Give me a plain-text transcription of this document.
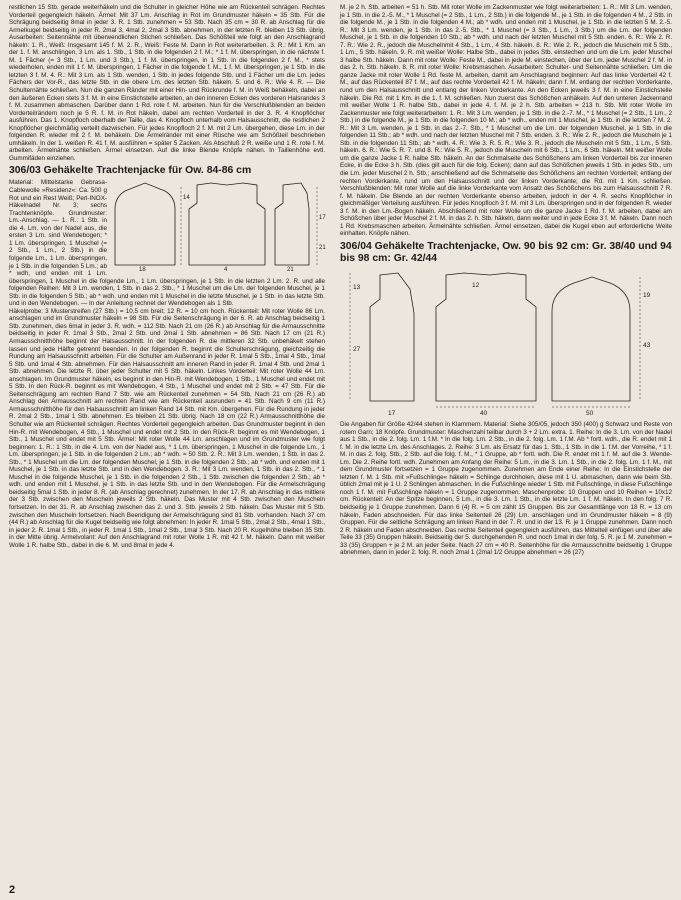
restlichen 15 Stb. gerade weiterhäkeln und die Schulter in gleicher Höhe wie am Rückenteil schrägen. Rechtes Vorderteil gegengleich häkeln. Ärmel: Mit 37 Lm. Anschlag in Rot im Grundmuster häkeln = 35 Stb. Für die Schrägung beidseitig 8mal in jeder 3. R. 1 Stb. zunehmen = 53 Stb. Nach 35 cm = 30 R. ab Anschlag für die Armelkugel beidseitig in jeder R. 2mal 3, 4mal 2, 2mal 3 Stb. abnehmen, in der letzten R. bleiben 13 Stb. übrig. Ausarbeiten: Seitennähte mit überwendlichen Stichen schließen. Das Schößteil wie folgt an den Anschlagrand häkeln: 1. R., Weiß: Insgesamt 145 f. M. 2. R., Weiß: Feste M. Dann in Rot weiterarbeiten. 3. R.: Mit 1 Km. an der 1. f. M. anschlingen, 3 Lm. als 1. Stb., 1 Stb. in die folgenden 2 f. M.; * 1 f. M. überspringen, in die nächste f. M. 1 Fächer (= 3 Stb., 1 Lm. und 3 Stb.), 1 f. M. überspringen, in 1 Stb. in die folgenden 2 f. M., * stets wiederholen, enden mit 1 f. M. überspringen, 1 Fächer in die folgende f. M., 1 f. M. überspringen, je 1 Stb. in die letzten 3 f. M. 4. R.: Mit 3 Lm. als 1 Stb. wenden, 1 Stb. in jedes folgende Stb. und 1 Fächer um die Lm. jedes Fächers der Vor-R., das letzte Stb. in die obere Lm. des letzten Stb. häkeln. 5. und 6. R.: Wie 4. R. — Die Schulternähte schließen. Nun die ganzen Ränder mit einer Hin- und Rückrunde f. M. in Weiß behäkeln, dabei an den äußeren Ecken stets 3 f. M. in eine Einstichstelle arbeiten, an den inneren Ecken des vorderen Halsrandes 3 f. M. zusammen abmaschen. Darüber dann 1 Rd. rote f. M. arbeiten. Nun für die Verschlußblenden an beiden Vorderteilrändern noch je 5 R. f. M. in Rot häkeln, dabei am rechten Vorderteil in der 3. R. 4 Knopflöcher ausführen. Das 1. Knopfloch oberhalb der Taille, das 4. Knopfloch unterhalb vom Halsausschnitt, die restlichen 2 Knopflöcher gleichmäßig verteilt dazwischen. Für jedes Knopfloch 2 f. M. mit 2 Lm. übergehen, diese Lm. in der folgenden R. wieder mit 2 f. M. behäkeln. Die Ärmelränder mit einer Rüsche wie am Schößteil beschrieben umhäkeln. In der 1. weißen R. 41 f. M. ausführen = später 5 Zacken. Als Abschluß 2 R. weiße und 1 R. rote f. M. arbeiten. Ärmelnähte schließen. Ärmel einsetzen. Auf die linke Blende Knöpfe nähen. In Taillenhöhe evtl. Gummifäden einziehen.

306/03 Gehäkelte Trachtenjacke für Ow. 84-86 cm
18	4	21
14
17
21

Material: Mittelstarke Gebrasa-Cablewolle »Residenz«: Ca. 500 g Rot und ein Rest Weiß; Perl-INOX-Häkelnadel Nr. 3; sechs Trachtenknöpfe. Grundmuster: Lm.-Anschlag. — 1. R.: 1 Stb. in die 4. Lm. von der Nadel aus, die ersten 3 Lm. sind Wendebogen; * 1 Lm. überspringen, 1 Muschel (= 2 Stb., 1 Lm., 2 Stb.) in die folgende Lm., 1 Lm. überspringen, je 1 Stb. in die folgenden 5 Lm.; ab * wdh, und enden mit 1 Lm. überspringen, 1 Muschel in die folgende Lm., 1 Lm. überspringen, je 1 Stb. in die letzten 2 Lm. 2. R. und alle folgenden Reihen: Mit 3 Lm. wenden, 1 Stb. in das 2. Stb., * 1 Muschel um die Lm. der folgenden Muschel, je 1 Stb. in die folgenden 5 Stb.; ab * wdh. und enden mit 1 Muschel in die letzte Muschel, je 1 Stb. in das letzte Stb. und in den Wendebogen. — In der Anleitung rechnet der Wendebogen als 1 Stb.

Häkelprobe: 3 Musterstreifen (27 Stb.) = 10,5 cm breit; 12 R. = 10 cm hoch. Rückenteil: Mit roter Wolle 86 Lm. anschlagen und im Grundmuster häkeln = 98 Stb. Für die Seitenschrägung in der 6. R. ab Anschlag beidseitig 1 Stb. zunehmen, dies 6mal in jeder 3. R. wdh. = 112 Stb. Nach 21 cm (26 R.) ab Anschlag für die Armausschnitte beidseitig in jeder R. 1mal 3 Stb., 2mal 2 Stb. und 2mal 1 Stb. abnehmen = 86 Stb. Nach 17 cm (21 R.) Armausschnitthöhe beginnt der Halsausschnitt. In der folgenden R. die mittleren 32 Stb. unbehäkelt stehen lassen und jede Hälfte getrennt beenden. In der folgenden R. beginnt die Schulterschrägung, gleichzeitig die Rundung am Halsausschnitt arbeiten. Für die Schulter am Außenrand in jeder R. 1mal 5 Stb., 1mal 4 Stb., 1mal 5 Stb. und 1mal 4 Stb. abnehmen. Für den Halsausschnitt am inneren Rand in jeder R. 1mal 4 Stb. und 2mal 1 Stb. abnehmen. Die letzte R. über jeder Schulter mit 5 Stb. häkeln. Linkes Vorderteil: Mit roter Wolle 44 Lm. anschlagen. Im Grundmuster häkeln, es beginnt in den Hin-R. mit Wendebogen, 1 Stb., 1 Muschel und endet mit 5 Stb. In den Rück-R. beginnt es mit Wendebogen, 4 Stb., 1 Muschel und endet mit 2 Stb. = 47 Stb. Für die Seitenschrägung am rechten Rand 7 Stb. wie am Rückenteil zunehmen = 54 Stb. Nach 21 cm (26 R.) ab Anschlag den Armausschnitt am rechten Rand wie am Rückenteil ausrunden = 41 Stb. Nach 9 cm (11 R.) Armausschnitthöhe für den Halsausschnitt am linken Rand 14 Stb. mit Km. übergehen. Für die Rundung in jeder R. 2mal 2 Stb., 1mal 1 Stb. abnehmen. Es bleiben 21 Stb. übrig. Nach 18 cm (22 R.) Armausschnitthöhe die Schulter wie am Rückenteil schrägen. Rechtes Vorderteil gegengleich arbeiten. Das Grundmuster beginnt in den Hin-R. mit Wendebogen, 4 Stb., 1 Muschel und endet mit 2 Stb. In den Rück-R. beginnt es mit Wendebogen, 1 Stb., 1 Muschel und endet mit 5 Stb. Ärmel: Mit roter Wolle 44 Lm. anschlagen und im Grundmuster wie folgt beginnen: 1. R.: 1 Stb. in die 4. Lm. von der Nadel aus, * 1 Lm. überspringen, 1 Muschel in die folgende Lm., 1 Lm. überspringen, je 1 Stb. in die folgenden 2 Lm.; ab * wdh. = 50 Stb. 2. R.: Mit 3 Lm. wenden, 1 Stb. in das 2. Stb., * 1 Muschel um die Lm. der folgenden Muschel, je 1 Stb. in die folgenden 2 Stb.; ab * wdh. und enden mit 1 Muschel, je 1 Stb. in das letzte Stb. und in den Wendebogen. 3. R.: Mit 3 Lm. wenden, 1 Stb. in das 2. Stb., * 1 Muschel in die folgende Muschel, je 1 Stb. in die folgenden 2 Stb., 1 Stb. zwischen die folgenden 2 Stb.; ab * wdh. und enden mit 1 Muschel, je 1 Stb. in das letzte Stb. und in den Wendebogen. Für die Armelschrägung beidseitig 5mal 1 Stb. in jeder 8. R. (ab Anschlag gerechnet) zunehmen. In der 17. R. ab Anschlag in das mittlere der 3 Stb. zwischen den Muscheln jeweils 2 Stb. häkeln. Das Muster mit 4 Stb. zwischen den Muscheln fortsetzen. In der 31. R. ab Anschlag zwischen das 2. und 3. Stb. jeweils 2 Stb. häkeln. Das Muster mit 5 Stb. zwischen den Muscheln fortsetzen. Nach Beendigung der Armelschrägung sind 81 Stb. vorhanden. Nach 37 cm (44 R.) ab Anschlag für die Kugel beidseitig wie folgt abnehmen: In jeder R. 1mal 5 Stb., 2mal 2 Stb., 4mal 1 Stb., in jeder 2. R. 1mal 1 Stb., in jeder R. 1mal 1 Stb., 1mal 2 Stb., 1mal 3 Stb. Nach 20 R. Kugelhöhe bleiben 35 Stb. in der Mitte übrig. Armelvolant: Auf den Anschlagrand mit roter Wolle 1 R. mit 42 f. M. häkeln. Dann mit weißer Wolle 1 R. halbe Stb., dabei in die 6. M. und 8mal in jede 4.

M. je 2 h. Stb. arbeiten = 51 h. Stb. Mit roter Wolle im Zackenmuster wie folgt weiterarbeiten: 1. R.: Mit 3 Lm. wenden, je 1 Stb. in die 2.-5. M., * 1 Muschel (= 2 Stb., 1 Lm., 2 Stb.) in die folgende M., je 1 Stb. in die folgenden 4 M., 2 Stb. in die folgende M., je 1 Stb. in die folgenden 4 M.; ab * wdh. und enden mit 1 Muschel, je 1 Stb. in die letzten 5 M. 2.-5. R.: Mit 3 Lm. wenden, je 1 Stb. in das 2.-5. Stb., * 1 Muschel (= 3 Stb., 1 Lm., 3 Stb.) um die Lm. der folgenden Muschel, je 1 Stb. in die folgenden 10 Stb.; ab * wdh. und nach der letzten Muschel mit 5 Stb. enden. 6. R.: Wie 2. R. 7. R.: Wie 2. R., jedoch die Muschelnmit 4 Stb., 1 Lm., 4 Stb. häkeln. 8. R.: Wie 2. R., jedoch die Muscheln mit 5 Stb., 1 Lm., 5 Stb. häkeln. 9. R. mit weißer Wolle: Halbe Stb., dabei in jedes Stb. einstechen und um die Lm. jeder Muschel 3 halbe Stb. häkeln. Dann mit roter Wolle: Feste M., dabei in jede M. einstechen, über der Lm. jeder Muschel 2 f. M. in das 2. h. Stb. häkeln. 8. R. mit roter Wolle: Krebsmaschen. Ausarbeiten: Schulter- und Seitennähte schließen. Um die ganze Jacke mit roter Wolle 1 Rd. feste M. arbeiten, damit am Anschlagrand beginnen: Auf das linke Vorderteil 42 f. M., auf das Rückenteil 87 f. M., auf das rechte Vorderteil 42 f. M. häkeln; dann f. M. entlang der rechten Vorderkante, rund um den Halsausschnitt und entlang der linken Vorderkante. An den Ecken jeweils 3 f. M. in eine Einstichstelle häkeln. Die Rd. mit 1 Km. in die 1. f. M. schließen. Nun zuerst das Schößchen anhäkeln. Auf den unteren Jackenrand mit weißer Wolle 1 R. halbe Stb., dabei in jede 4. f. M. je 2 h. Stb. arbeiten = 213 h. Stb. Mit roter Wolle im Zackenmuster wie folgt weiterarbeiten: 1. R.: Mit 3 Lm. wenden, je 1 Stb. in die 2.-7. M., * 1 Muschel (= 2 Stb., 1 Lm., 2 Stb.) in die folgende M., je 1 Stb. in die folgenden 10 M.; ab * wdh., enden mit 1 Muschel, je 1 Stb. in die letzten 7 M. 2. R.: Mit 3 Lm. wenden, je 1 Stb. in das 2.-7. Stb., * 1 Muschel um die Lm. der folgenden Muschel, je 1 Stb. in die folgenden 11 Stb.; ab * wdh. und nach der letzten Muschel mit 7 Stb. enden. 3. R.: Wie 2. R., jedoch die Muscheln je 1 Stb. in die folgenden 11 Stb.; ab * wdh. 4. R.: Wie 3. R. 5. R.: Wie 3. R., jedoch die Muscheln mit 5 Stb., 1 Lm., 5 Stb. häkeln. 6. R.: Wie 5. R. 7. und 8. R.: Wie 5. R., jedoch die Muscheln mit 6 Stb., 1 Lm., 6 Stb. häkeln. Mit weißer Wolle um die ganze Jacke 1 R. halbe Stb. häkeln. An der Schmalseite des Schößchens am linken Vorderteil bis zur inneren Ecke, in die Ecke 3 h. Stb. (dies gilt auch für die folg. Ecken); dann auf das Schößchen jeweils 1 Stb. in jedes Stb., um die Lm. jeder Muschel 2 h. Stb.; anschließend auf die Schmalseite des Schößchens am rechten Vorderteil; entlang der rechten Vorderkante, rund um den Halsausschnitt und der linken Vorderkante; die Rd. mit 1 Km. schließen. Verschlußblenden: Mit roter Wolle auf die linke Vorderkante vom Ansatz des Schößchens bis zum Halsausschnitt 7 R. f. M. häkeln. Die Blende an der rechten Vorderkante ebenso arbeiten, jedoch in der 4. R. sechs Knopflöcher in gleichmäßiger Verteilung ausführen. Für jedes Knopfloch 3 f. M. mit 3 Lm. überspringen und in der folgenden R. wieder 3 f. M. in den Lm.-Bogen häkeln. Abschließend mit roter Wolle um die ganze Jacke 1 Rd. f. M. arbeiten, dabei am Schößchen über jeder Muschel 2 f. M. in das 2. h. Stb. häkeln, dann weiter und in jede Ecke 3 f. M. häkeln. Dann noch 1 Rd. Krebsmaschen arbeiten. Ärmelnähte schließen. Ärmel einsetzen, dabei die Kugel eben auf erforderliche Weite einhalten. Knöpfe nähen.

306/04 Gehäkelte Trachtenjacke, Ow. 90 bis 92 cm: Gr. 38/40 und 94 bis 98 cm: Gr. 42/44
40	50
17
12
13
27
43
19

Die Angaben für Größe 42/44 stehen in Klammern. Material: Siehe 305/05, jedoch 350 (400) g Schwarz und Reste von rotem Garn; 18 Knöpfe. Grundmuster: Maschenzahl teilbar durch 3 + 2 Lm. extra. 1. Reihe: In die 3. Lm. von der Nadel aus 1 Stb., in die 2. folg. Lm. 1 f.M. * In die folg. Lm. 2 Stb., in die 2. folg. Lm. 1 f.M. Ab * fortl. wdh., die R. endet mit 1 f. M. in die letzte Lm. des Anschlages. 2. Reihe: 3 Lm. als Ersatz für das 1. Stb., 1 Stb. in die 1. f.M. der Vorreihe, * 1 f. M. in das 2. folg. Stb., 2 Stb. auf die folg. f. M., * 1 Gruppe, ab * fortl. wdh. Die R. endet mit 1 f. M. auf die 3. Wende-Lm. Die 2. Reihe fortl. wdh. Zunehmen am Anfang der Reihe: 5 Lm., in die 3. Lm. 1 Stb., in die 2. folg. Lm. 1 f. M., mit dem Grundmuster fortsetzen = 1 Gruppe zugenommen. Zunehmen am Ende einer Reihe: In die Einstichstelle der letzten f. M. 1 Stb. mit »Fußschlinge« häkeln = Schlinge durchholen, diese mit 1 U. abmaschen, dann wie beim Stb. üblich 2mal mit je 1 U. 2 Schlingen abmaschen. In die Fußschlinge wieder 1 Stb. mit Fußschlinge, in diese Fußschlinge noch 1 f. M. mit Fußschlinge häkeln = 1 Gruppe zugenommen. Maschenprobe: 10 Gruppen und 10 Reihen = 10x12 cm. Rückenteil: An der Spitze beginnen, 5 Lm., in die 3. Lm. 1 Stb., in die letzte Lm. 1 f. M. häkeln. In den folg. 7 R. beidseitig je 1 Gruppe zunehmen. Dann 6 (4) R. = 5 cm zählt 15 Gruppen. Bis zur Gesamtlänge von 18 R. = 13 cm häkeln, Faden abschneiden. Für das linke Seitenteil 26 (29) Lm. anschlagen und im Grundmuster häkeln = 8 (9) Gruppen. Für die seitliche Schrägung am linken Rand in der 7. R. und in der 13. R. je 1 Gruppe zunehmen. Dann noch 2 R. häkeln und Faden abschneiden. Das rechte Seitenteil gegengleich ausführen, das Mittelteil einfügen und über alle Teile 33 (35) Gruppen häkeln. Beidseitig der 5. durchgehenden R. und noch 1mal in der folg. 5. R. je 1 M. zunehmen = 33 (35) Gruppen + je 2 M. an jeder Seite. Nach 27 cm = 40 R. Seitenhöhe für die Armausschnitte beidseitig 1 Gruppe abnehmen, dann in jeder 2. folg. R. noch 2mal 1 (2mal 1/2 Gruppe abnehmen = 26 (27)

2
